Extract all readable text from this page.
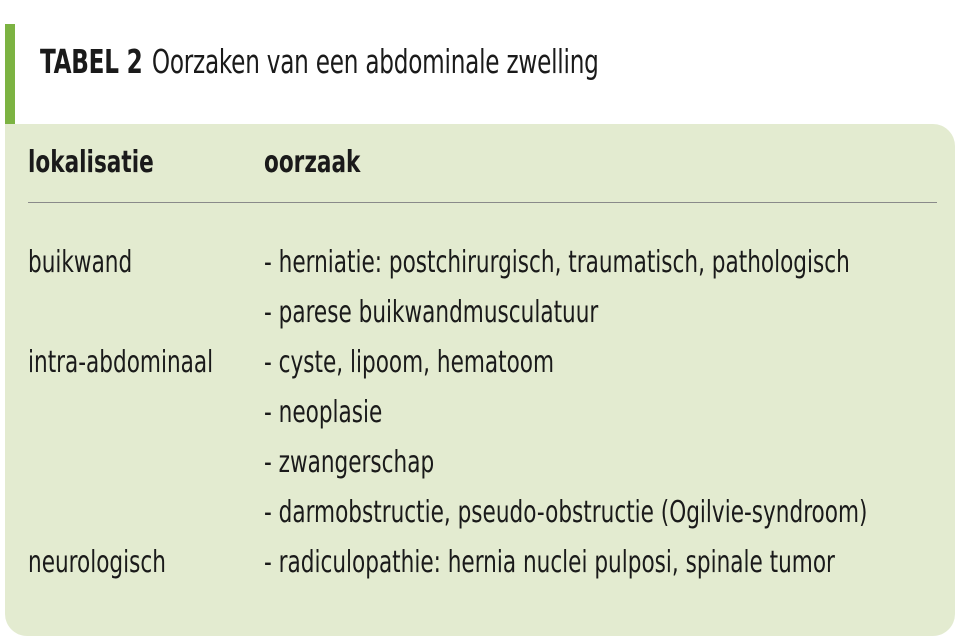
TABEL 2 Oorzaken van een abdominale zwelling
lokalisatie	oorzaak
buikwand	- herniatie: postchirurgisch, traumatisch, pathologisch
- parese buikwandmusculatuur
intra-abdominaal - cyste, lipoom, hematoom
- neoplasie
- zwangerschap
- darmobstructie, pseudo-obstructie (Ogilvie-syndroom)
neurologisch	- radiculopathie: hernia nuclei pulposi, spinale tumor
